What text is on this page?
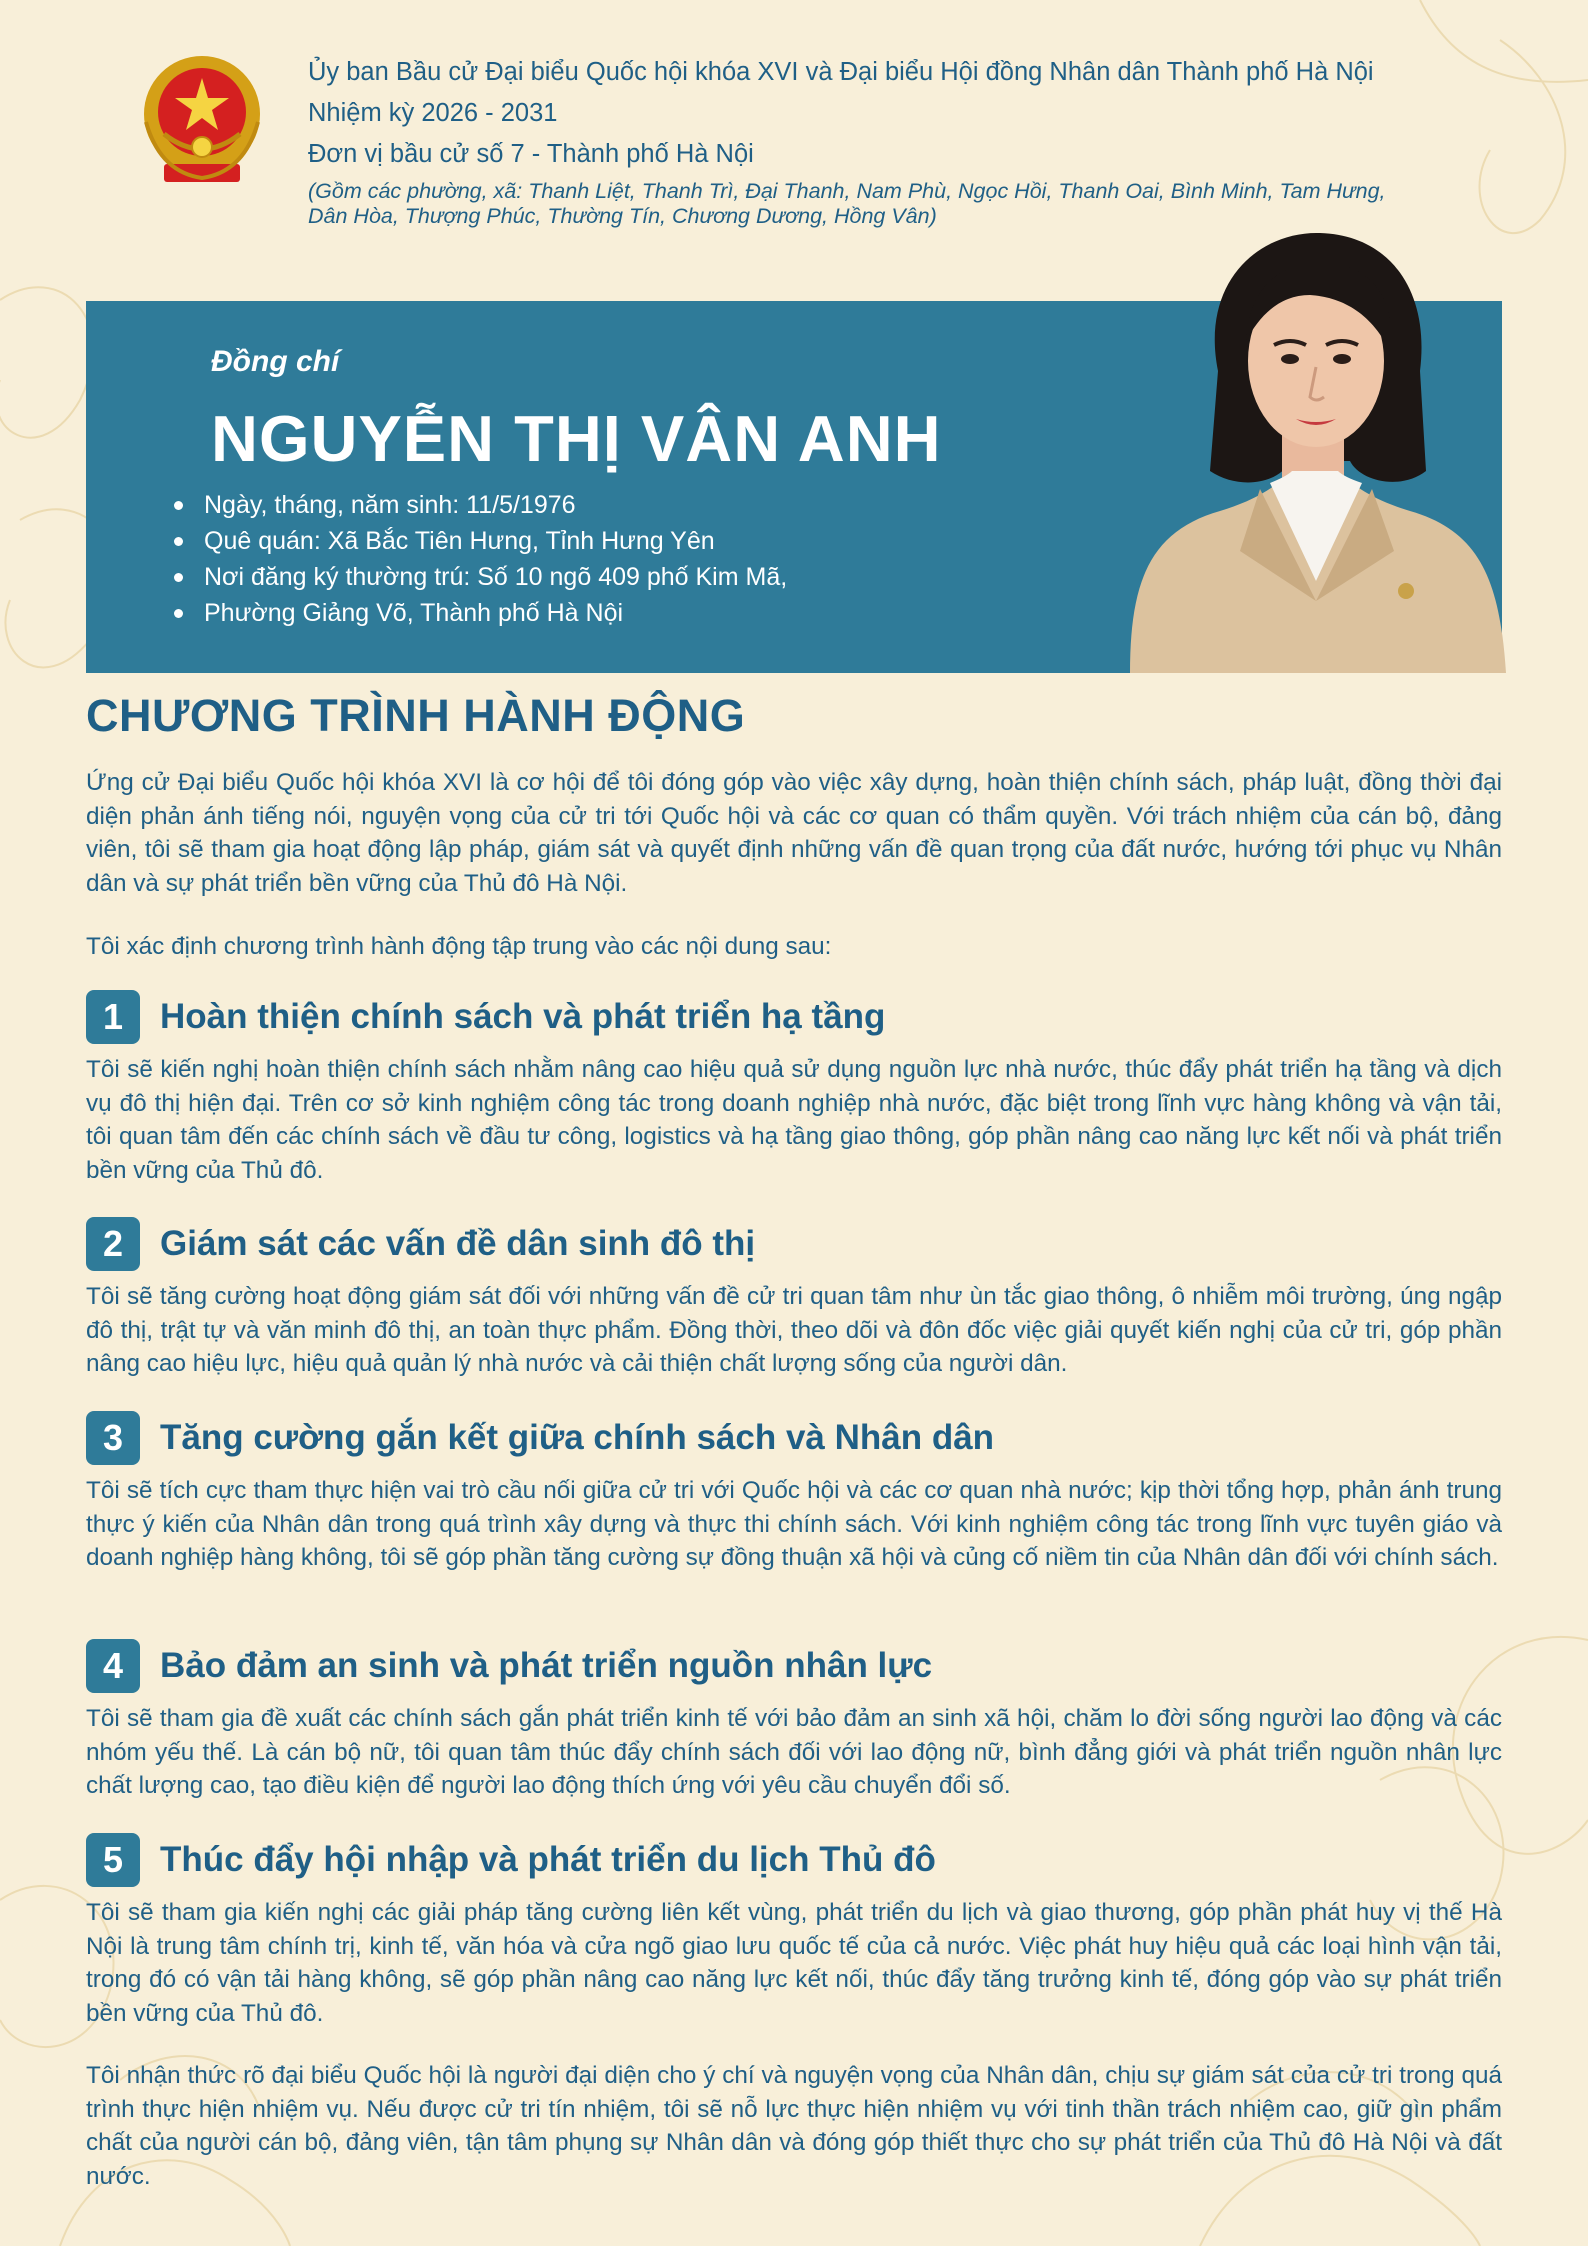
Ủy ban Bầu cử Đại biểu Quốc hội khóa XVI và Đại biểu Hội đồng Nhân dân Thành phố Hà Nội
Nhiệm kỳ 2026 - 2031
Đơn vị bầu cử số 7 - Thành phố Hà Nội
(Gồm các phường, xã: Thanh Liệt, Thanh Trì, Đại Thanh, Nam Phù, Ngọc Hồi, Thanh Oai, Bình Minh, Tam Hưng,
Dân Hòa, Thượng Phúc, Thường Tín, Chương Dương, Hồng Vân)
Đồng chí
NGUYỄN THỊ VÂN ANH
Ngày, tháng, năm sinh: 11/5/1976
Quê quán: Xã Bắc Tiên Hưng, Tỉnh Hưng Yên
Nơi đăng ký thường trú: Số 10 ngõ 409 phố Kim Mã,
Phường Giảng Võ, Thành phố Hà Nội
CHƯƠNG TRÌNH HÀNH ĐỘNG

Ứng cử Đại biểu Quốc hội khóa XVI là cơ hội để tôi đóng góp vào việc xây dựng, hoàn thiện chính sách, pháp luật, đồng thời đại diện phản ánh tiếng nói, nguyện vọng của cử tri tới Quốc hội và các cơ quan có thẩm quyền. Với trách nhiệm của cán bộ, đảng viên, tôi sẽ tham gia hoạt động lập pháp, giám sát và quyết định những vấn đề quan trọng của đất nước, hướng tới phục vụ Nhân dân và sự phát triển bền vững của Thủ đô Hà Nội.

Tôi xác định chương trình hành động tập trung vào các nội dung sau:

1	Hoàn thiện chính sách và phát triển hạ tầng

Tôi sẽ kiến nghị hoàn thiện chính sách nhằm nâng cao hiệu quả sử dụng nguồn lực nhà nước, thúc đẩy phát triển hạ tầng và dịch vụ đô thị hiện đại. Trên cơ sở kinh nghiệm công tác trong doanh nghiệp nhà nước, đặc biệt trong lĩnh vực hàng không và vận tải, tôi quan tâm đến các chính sách về đầu tư công, logistics và hạ tầng giao thông, góp phần nâng cao năng lực kết nối và phát triển bền vững của Thủ đô.

2	Giám sát các vấn đề dân sinh đô thị

Tôi sẽ tăng cường hoạt động giám sát đối với những vấn đề cử tri quan tâm như ùn tắc giao thông, ô nhiễm môi trường, úng ngập đô thị, trật tự và văn minh đô thị, an toàn thực phẩm. Đồng thời, theo dõi và đôn đốc việc giải quyết kiến nghị của cử tri, góp phần nâng cao hiệu lực, hiệu quả quản lý nhà nước và cải thiện chất lượng sống của người dân.

3	Tăng cường gắn kết giữa chính sách và Nhân dân

Tôi sẽ tích cực tham thực hiện vai trò cầu nối giữa cử tri với Quốc hội và các cơ quan nhà nước; kịp thời tổng hợp, phản ánh trung thực ý kiến của Nhân dân trong quá trình xây dựng và thực thi chính sách. Với kinh nghiệm công tác trong lĩnh vực tuyên giáo và doanh nghiệp hàng không, tôi sẽ góp phần tăng cường sự đồng thuận xã hội và củng cố niềm tin của Nhân dân đối với chính sách.

4	Bảo đảm an sinh và phát triển nguồn nhân lực

Tôi sẽ tham gia đề xuất các chính sách gắn phát triển kinh tế với bảo đảm an sinh xã hội, chăm lo đời sống người lao động và các nhóm yếu thế. Là cán bộ nữ, tôi quan tâm thúc đẩy chính sách đối với lao động nữ, bình đẳng giới và phát triển nguồn nhân lực chất lượng cao, tạo điều kiện để người lao động thích ứng với yêu cầu chuyển đổi số.

5	Thúc đẩy hội nhập và phát triển du lịch Thủ đô

Tôi sẽ tham gia kiến nghị các giải pháp tăng cường liên kết vùng, phát triển du lịch và giao thương, góp phần phát huy vị thế Hà Nội là trung tâm chính trị, kinh tế, văn hóa và cửa ngõ giao lưu quốc tế của cả nước. Việc phát huy hiệu quả các loại hình vận tải, trong đó có vận tải hàng không, sẽ góp phần nâng cao năng lực kết nối, thúc đẩy tăng trưởng kinh tế, đóng góp vào sự phát triển bền vững của Thủ đô.

Tôi nhận thức rõ đại biểu Quốc hội là người đại diện cho ý chí và nguyện vọng của Nhân dân, chịu sự giám sát của cử tri trong quá trình thực hiện nhiệm vụ. Nếu được cử tri tín nhiệm, tôi sẽ nỗ lực thực hiện nhiệm vụ với tinh thần trách nhiệm cao, giữ gìn phẩm chất của người cán bộ, đảng viên, tận tâm phụng sự Nhân dân và đóng góp thiết thực cho sự phát triển của Thủ đô Hà Nội và đất nước.
